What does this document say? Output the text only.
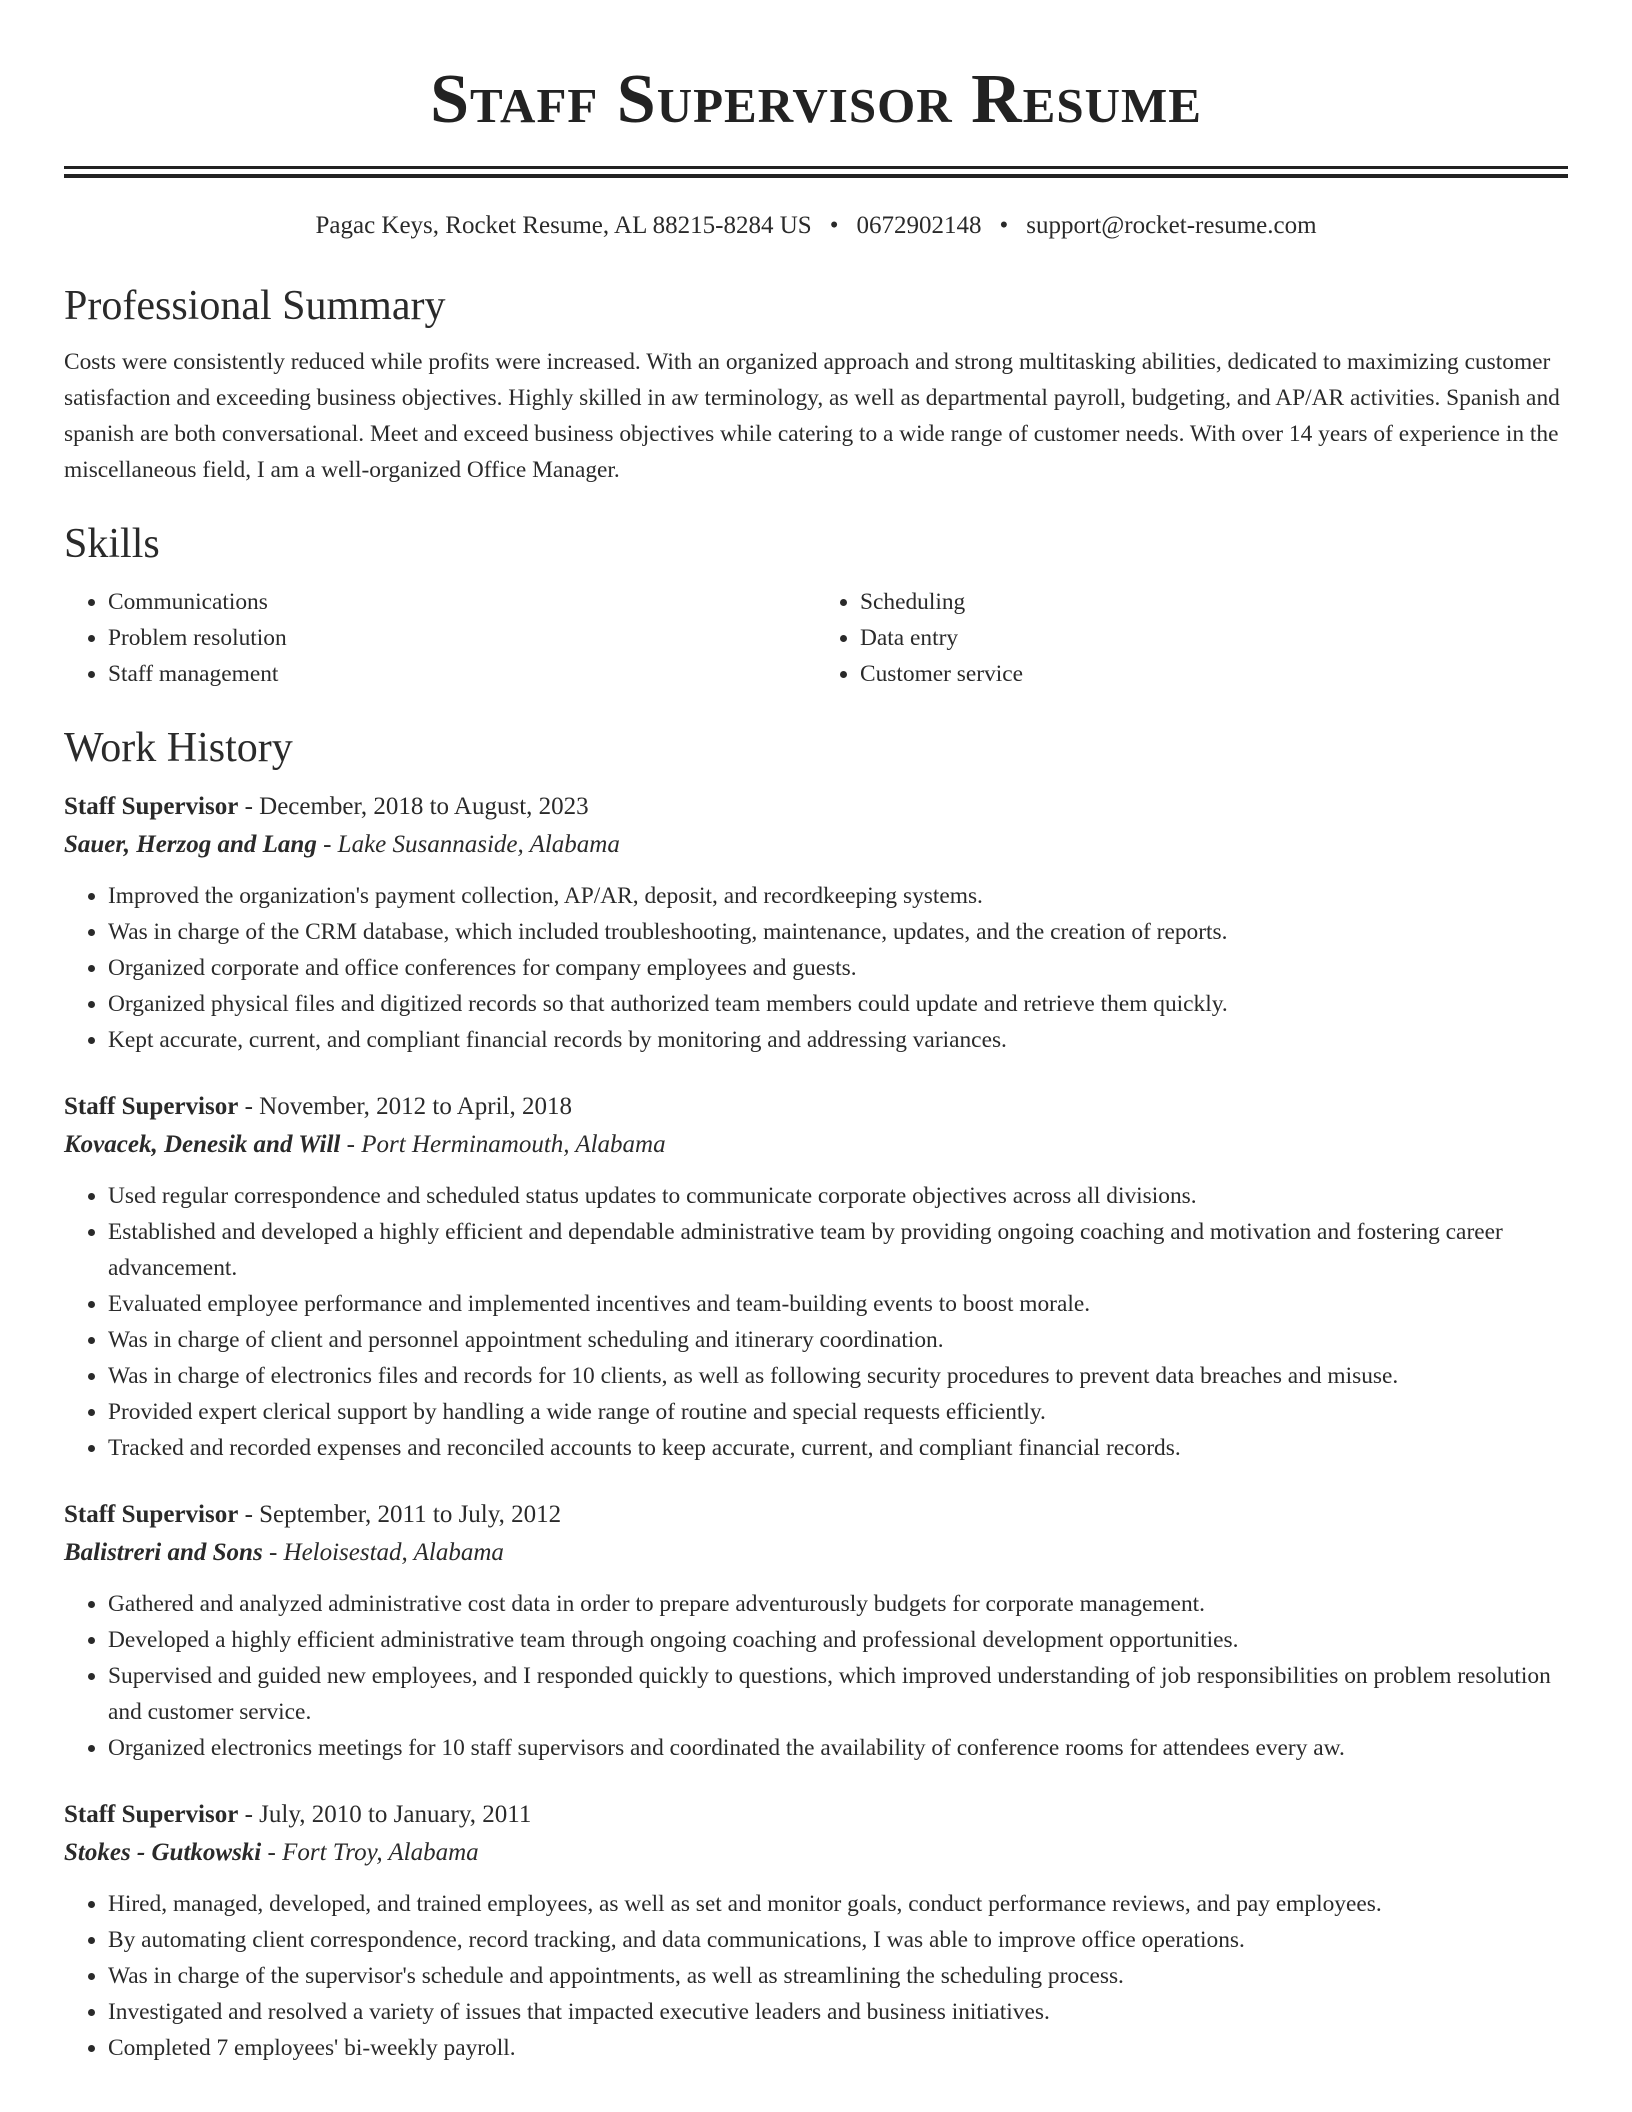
Staff Supervisor Resume
Pagac Keys, Rocket Resume, AL 88215-8284 US • 0672902148 • support@rocket-resume.com
Professional Summary

Costs were consistently reduced while profits were increased. With an organized approach and strong multitasking abilities, dedicated to maximizing customer satisfaction and exceeding business objectives. Highly skilled in aw terminology, as well as departmental payroll, budgeting, and AP/AR activities. Spanish and spanish are both conversational. Meet and exceed business objectives while catering to a wide range of customer needs. With over 14 years of experience in the miscellaneous field, I am a well-organized Office Manager.

Skills
• Communications
• Problem resolution
• Staff management
• Scheduling
• Data entry
• Customer service
Work History
Staff Supervisor - December, 2018 to August, 2023
Sauer, Herzog and Lang - Lake Susannaside, Alabama
• Improved the organization's payment collection, AP/AR, deposit, and recordkeeping systems.
• Was in charge of the CRM database, which included troubleshooting, maintenance, updates, and the creation of reports.
• Organized corporate and office conferences for company employees and guests.
• Organized physical files and digitized records so that authorized team members could update and retrieve them quickly.
• Kept accurate, current, and compliant financial records by monitoring and addressing variances.
Staff Supervisor - November, 2012 to April, 2018
Kovacek, Denesik and Will - Port Herminamouth, Alabama
• Used regular correspondence and scheduled status updates to communicate corporate objectives across all divisions.
• Established and developed a highly efficient and dependable administrative team by providing ongoing coaching and motivation and fostering career advancement.
• Evaluated employee performance and implemented incentives and team-building events to boost morale.
• Was in charge of client and personnel appointment scheduling and itinerary coordination.
• Was in charge of electronics files and records for 10 clients, as well as following security procedures to prevent data breaches and misuse.
• Provided expert clerical support by handling a wide range of routine and special requests efficiently.
• Tracked and recorded expenses and reconciled accounts to keep accurate, current, and compliant financial records.
Staff Supervisor - September, 2011 to July, 2012
Balistreri and Sons - Heloisestad, Alabama
• Gathered and analyzed administrative cost data in order to prepare adventurously budgets for corporate management.
• Developed a highly efficient administrative team through ongoing coaching and professional development opportunities.
• Supervised and guided new employees, and I responded quickly to questions, which improved understanding of job responsibilities on problem resolution and customer service.
• Organized electronics meetings for 10 staff supervisors and coordinated the availability of conference rooms for attendees every aw.
Staff Supervisor - July, 2010 to January, 2011
Stokes - Gutkowski - Fort Troy, Alabama
• Hired, managed, developed, and trained employees, as well as set and monitor goals, conduct performance reviews, and pay employees.
• By automating client correspondence, record tracking, and data communications, I was able to improve office operations.
• Was in charge of the supervisor's schedule and appointments, as well as streamlining the scheduling process.
• Investigated and resolved a variety of issues that impacted executive leaders and business initiatives.
• Completed 7 employees' bi-weekly payroll.
